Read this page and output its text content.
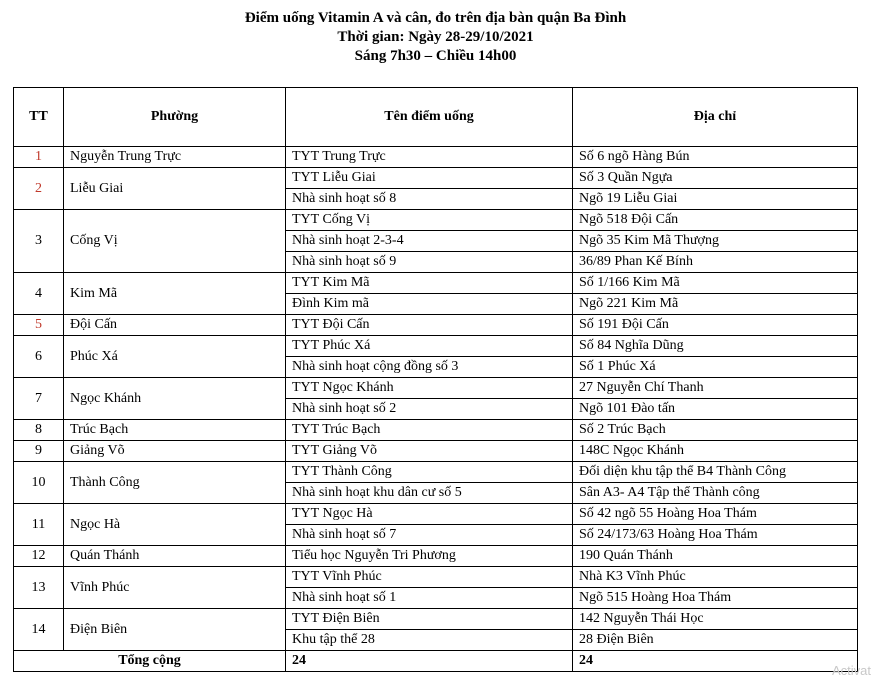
Điểm uống Vitamin A và cân, đo trên địa bàn quận Ba Đình
Thời gian: Ngày 28-29/10/2021
Sáng 7h30 – Chiều 14h00
TT	Phường	Tên điểm uống	Địa chỉ
1	Nguyễn Trung Trực	TYT Trung Trực	Số 6 ngõ Hàng Bún
2	Liễu Giai	TYT Liễu Giai	Số 3 Quần Ngựa
		Nhà sinh hoạt số 8	Ngõ 19 Liễu Giai
3	Cống Vị	TYT Cống Vị	Ngõ 518 Đội Cấn
		Nhà sinh hoạt 2-3-4	Ngõ 35 Kim Mã Thượng
		Nhà sinh hoạt số 9	36/89 Phan Kế Bính
4	Kim Mã	TYT Kim Mã	Số 1/166 Kim Mã
		Đình Kim mã	Ngõ 221 Kim Mã
5	Đội Cấn	TYT Đội Cấn	Số 191 Đội Cấn
6	Phúc Xá	TYT Phúc Xá	Số 84 Nghĩa Dũng
		Nhà sinh hoạt cộng đồng số 3	Số 1 Phúc Xá
7	Ngọc Khánh	TYT Ngọc Khánh	27 Nguyễn Chí Thanh
		Nhà sinh hoạt số 2	Ngõ 101 Đào tấn
8	Trúc Bạch	TYT Trúc Bạch	Số 2 Trúc Bạch
9	Giảng Võ	TYT Giảng Võ	148C Ngọc Khánh
10	Thành Công	TYT Thành Công	Đối diện khu tập thể B4 Thành Công
		Nhà sinh hoạt khu dân cư số 5	Sân A3- A4 Tập thể Thành công
11	Ngọc Hà	TYT Ngọc Hà	Số 42 ngõ 55 Hoàng Hoa Thám
		Nhà sinh hoạt số 7	Số 24/173/63 Hoàng Hoa Thám
12	Quán Thánh	Tiểu học Nguyễn Tri Phương	190 Quán Thánh
13	Vĩnh Phúc	TYT Vĩnh Phúc	Nhà K3 Vĩnh Phúc
		Nhà sinh hoạt số 1	Ngõ 515 Hoàng Hoa Thám
14	Điện Biên	TYT Điện Biên	142 Nguyễn Thái Học
		Khu tập thể 28	28 Điện Biên
Tổng cộng		24	24
Activat
